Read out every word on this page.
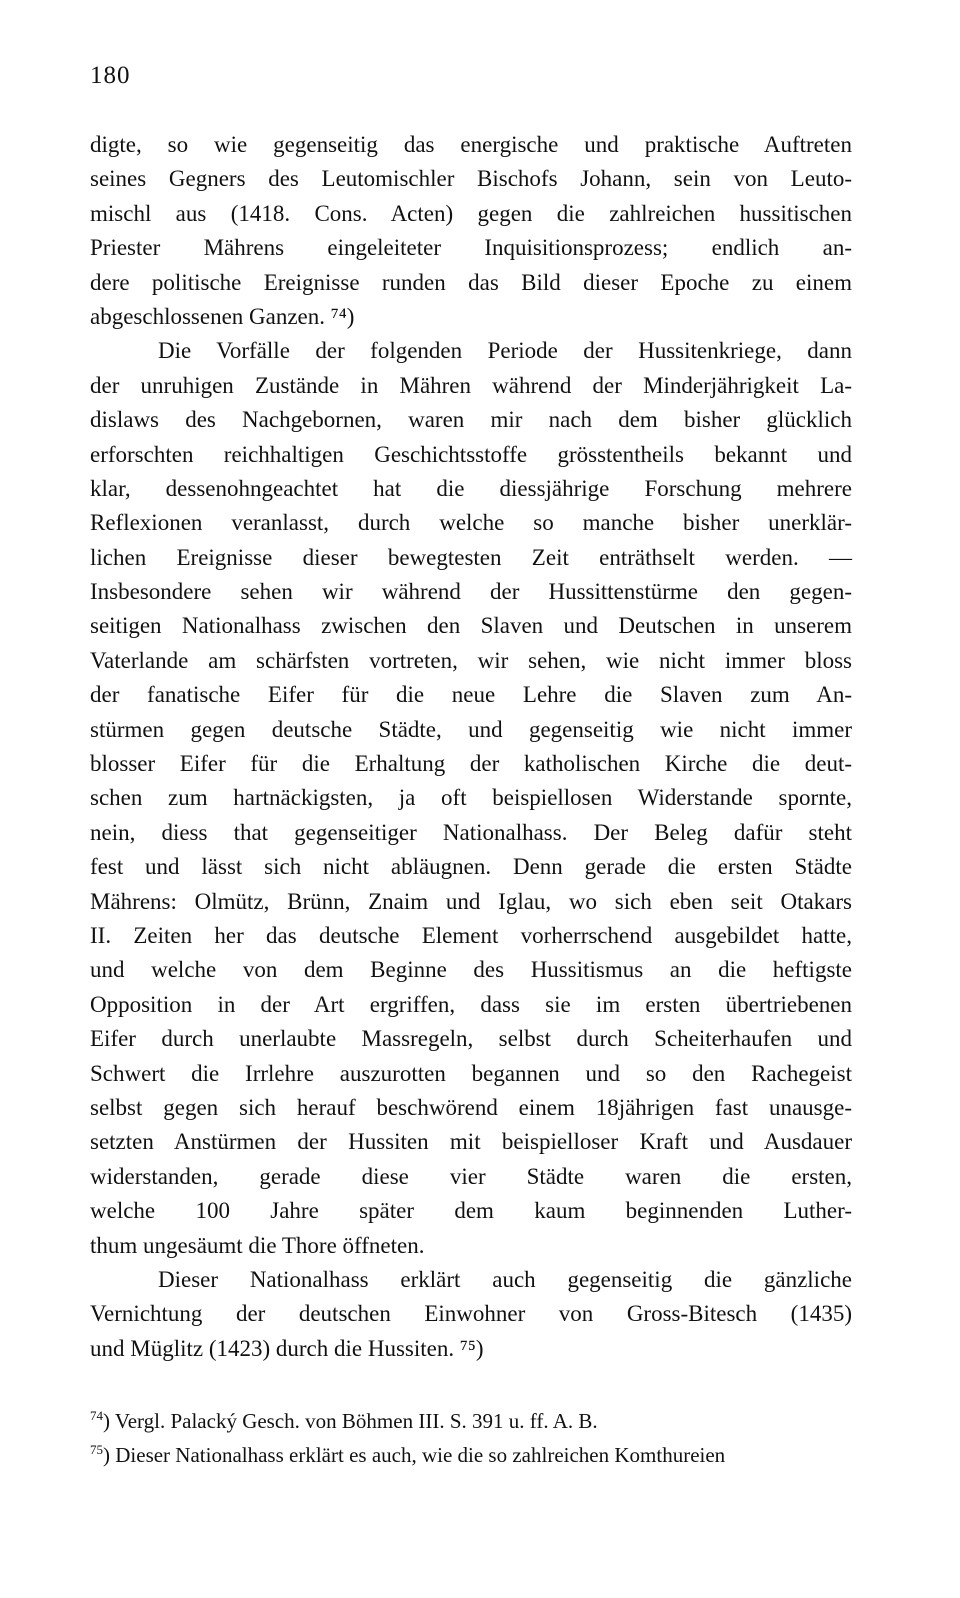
180
digte, so wie gegenseitig das energische und praktische Auftreten
seines Gegners des Leutomischler Bischofs Johann, sein von Leuto-
mischl aus (1418. Cons. Acten) gegen die zahlreichen hussitischen
Priester Mährens eingeleiteter Inquisitionsprozess; endlich an-
dere politische Ereignisse runden das Bild dieser Epoche zu einem
abgeschlossenen Ganzen. ⁷⁴)
Die Vorfälle der folgenden Periode der Hussitenkriege, dann
der unruhigen Zustände in Mähren während der Minderjährigkeit La-
dislaws des Nachgebornen, waren mir nach dem bisher glücklich
erforschten reichhaltigen Geschichtsstoffe grösstentheils bekannt und
klar, dessenohngeachtet hat die diessjährige Forschung mehrere
Reflexionen veranlasst, durch welche so manche bisher unerklär-
lichen Ereignisse dieser bewegtesten Zeit enträthselt werden. —
Insbesondere sehen wir während der Hussittenstürme den gegen-
seitigen Nationalhass zwischen den Slaven und Deutschen in unserem
Vaterlande am schärfsten vortreten, wir sehen, wie nicht immer bloss
der fanatische Eifer für die neue Lehre die Slaven zum An-
stürmen gegen deutsche Städte, und gegenseitig wie nicht immer
blosser Eifer für die Erhaltung der katholischen Kirche die deut-
schen zum hartnäckigsten, ja oft beispiellosen Widerstande spornte,
nein, diess that gegenseitiger Nationalhass. Der Beleg dafür steht
fest und lässt sich nicht abläugnen. Denn gerade die ersten Städte
Mährens: Olmütz, Brünn, Znaim und Iglau, wo sich eben seit Otakars
II. Zeiten her das deutsche Element vorherrschend ausgebildet hatte,
und welche von dem Beginne des Hussitismus an die heftigste
Opposition in der Art ergriffen, dass sie im ersten übertriebenen
Eifer durch unerlaubte Massregeln, selbst durch Scheiterhaufen und
Schwert die Irrlehre auszurotten begannen und so den Rachegeist
selbst gegen sich herauf beschwörend einem 18jährigen fast unausge-
setzten Anstürmen der Hussiten mit beispielloser Kraft und Ausdauer
widerstanden, gerade diese vier Städte waren die ersten,
welche 100 Jahre später dem kaum beginnenden Luther-
thum ungesäumt die Thore öffneten.
Dieser Nationalhass erklärt auch gegenseitig die gänzliche
Vernichtung der deutschen Einwohner von Gross-Bitesch (1435)
und Müglitz (1423) durch die Hussiten. ⁷⁵)
$^{74}$) Vergl. Palacký Gesch. von Böhmen III. S. 391 u. ff. A. B.
$^{75}$) Dieser Nationalhass erklärt es auch, wie die so zahlreichen Komthureien
